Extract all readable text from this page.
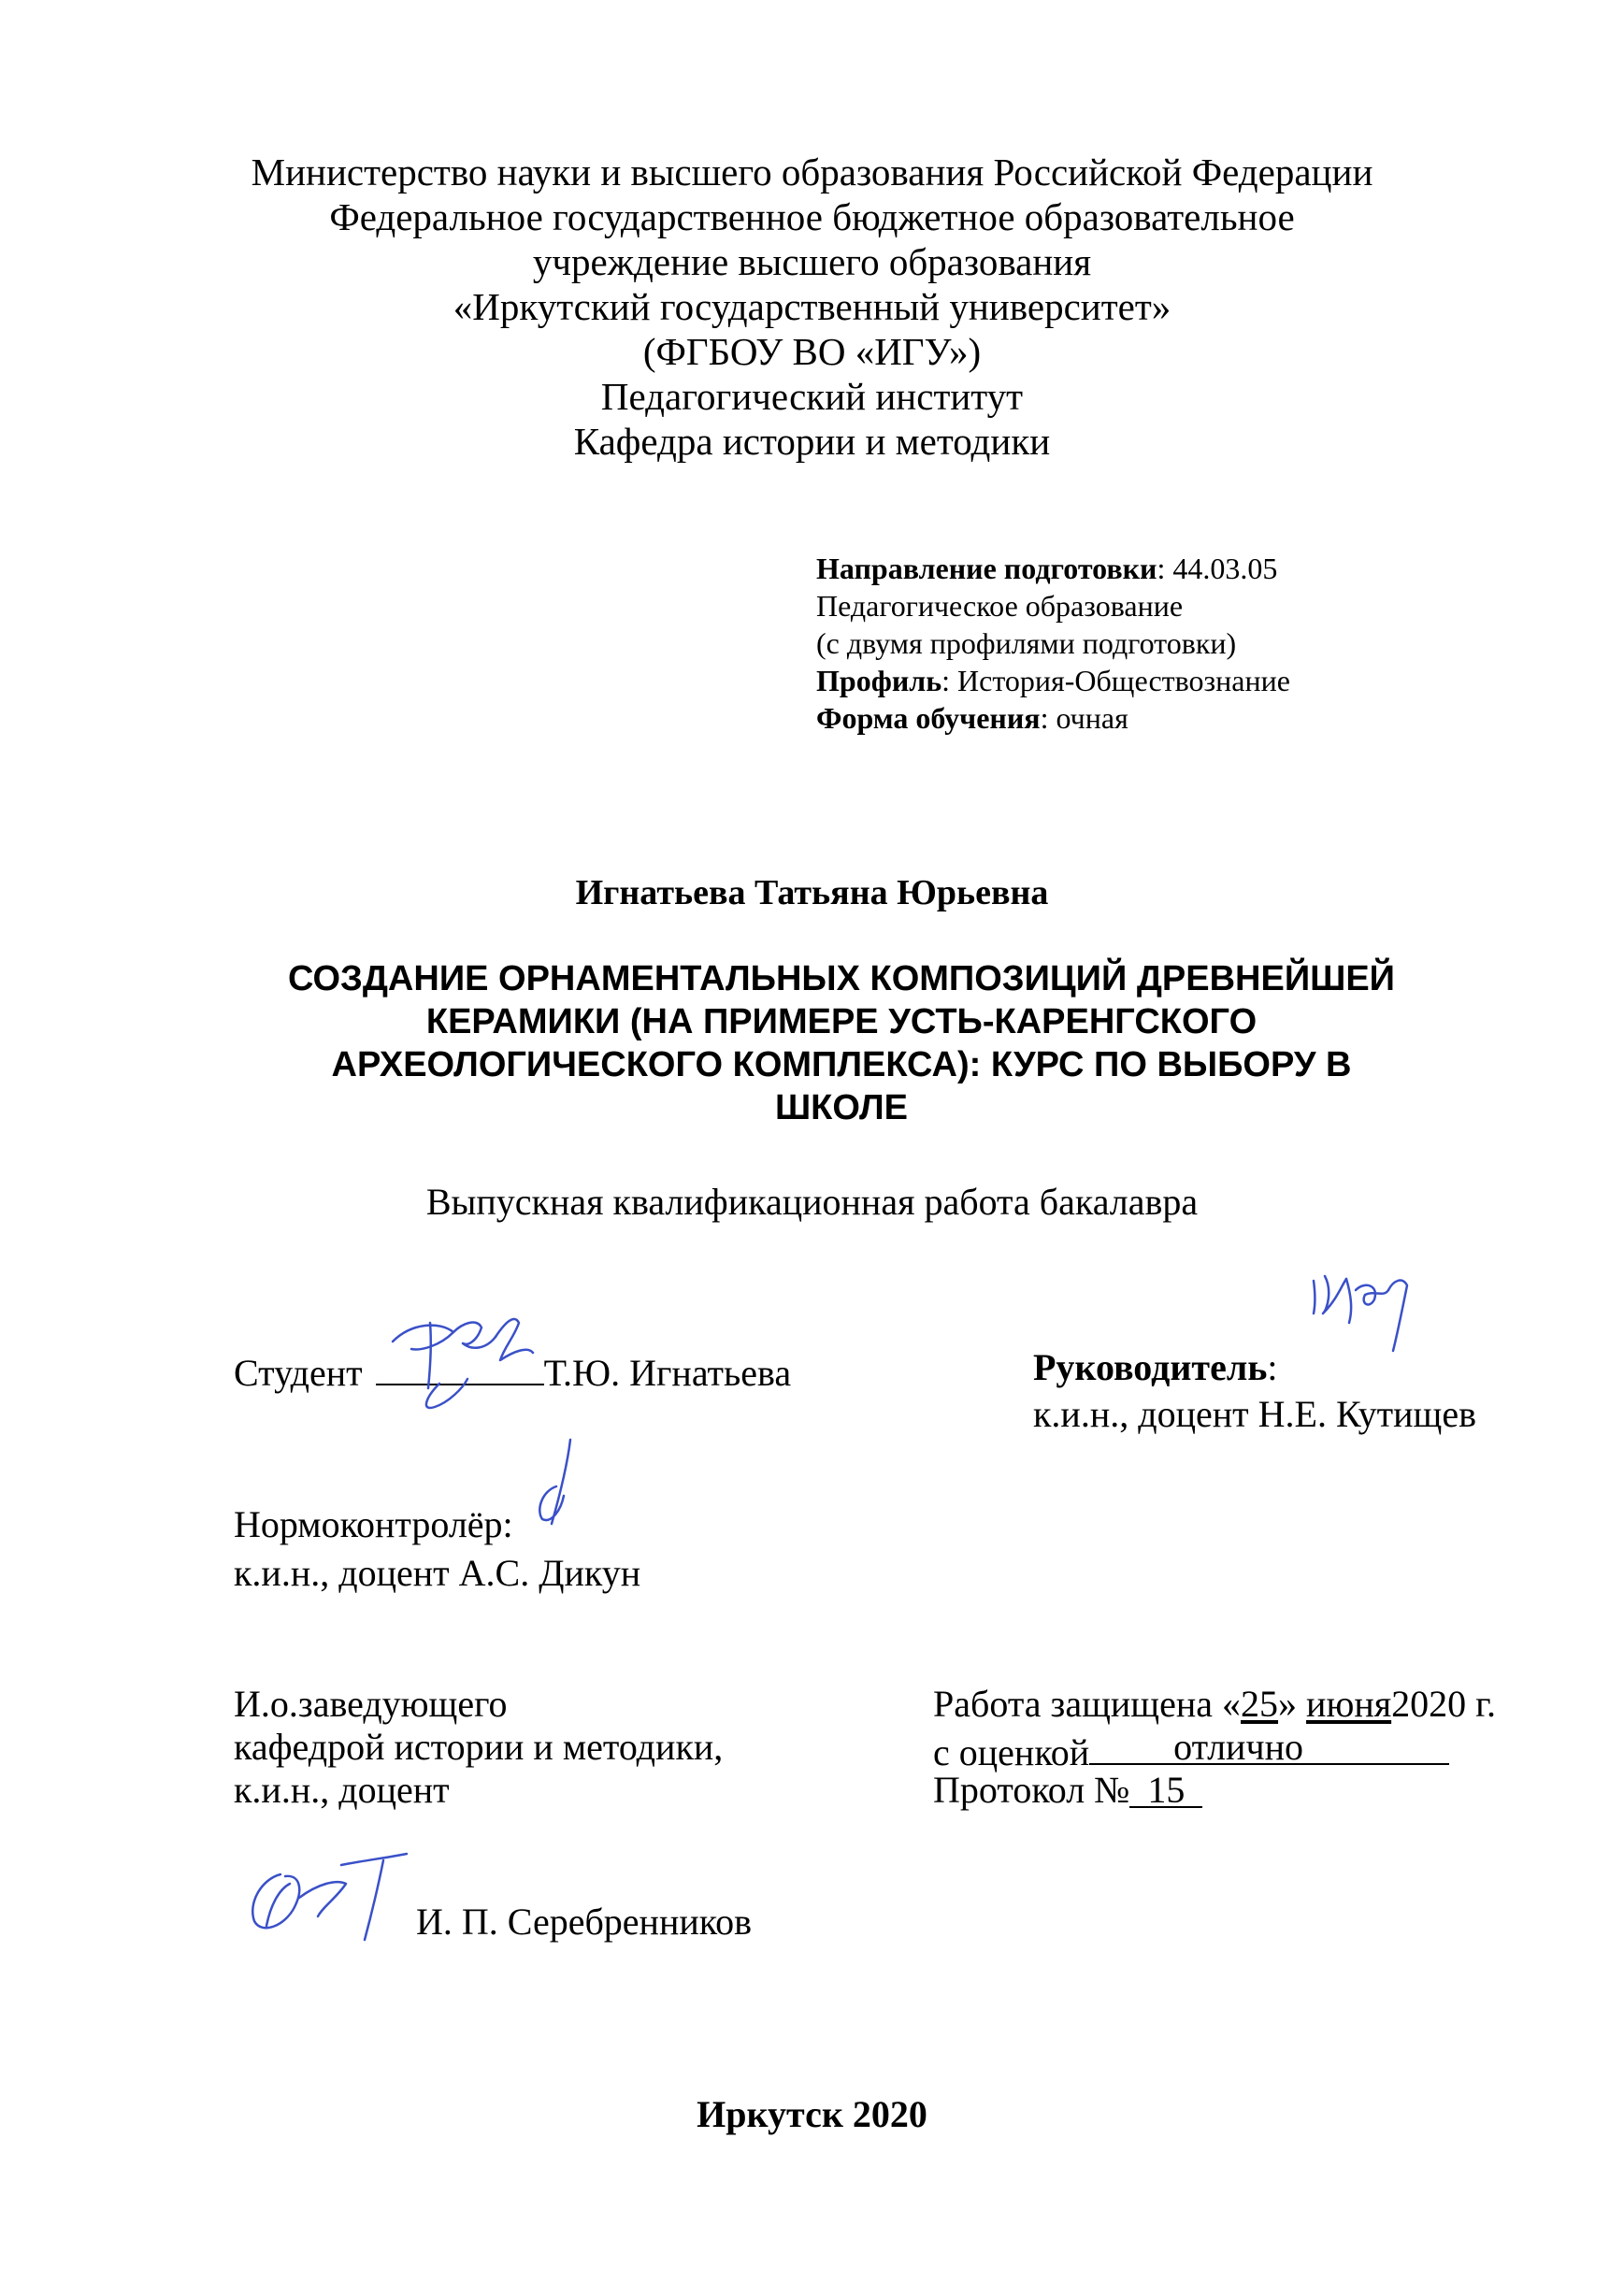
Министерство науки и высшего образования Российской Федерации
Федеральное государственное бюджетное образовательное
учреждение высшего образования
«Иркутский государственный университет»
(ФГБОУ ВО «ИГУ»)
Педагогический институт
Кафедра истории и методики
Направление подготовки: 44.03.05
Педагогическое образование
(с двумя профилями подготовки)
Профиль: История-Обществознание
Форма обучения: очная
Игнатьева Татьяна Юрьевна
СОЗДАНИЕ ОРНАМЕНТАЛЬНЫХ КОМПОЗИЦИЙ ДРЕВНЕЙШЕЙ
КЕРАМИКИ (НА ПРИМЕРЕ УСТЬ-КАРЕНГСКОГО
АРХЕОЛОГИЧЕСКОГО КОМПЛЕКСА): КУРС ПО ВЫБОРУ В
ШКОЛЕ
Выпускная квалификационная работа бакалавра
Студент	Т.Ю. Игнатьева	Руководитель:
к.и.н., доцент Н.Е. Кутищев
Нормоконтролёр:
к.и.н., доцент А.С. Дикун
И.о.заведующего
кафедрой истории и методики,
к.и.н., доцент
И. П. Серебренников
Работа защищена «25» июня2020 г.
с оценкой отлично
Протокол № 15
Иркутск 2020
